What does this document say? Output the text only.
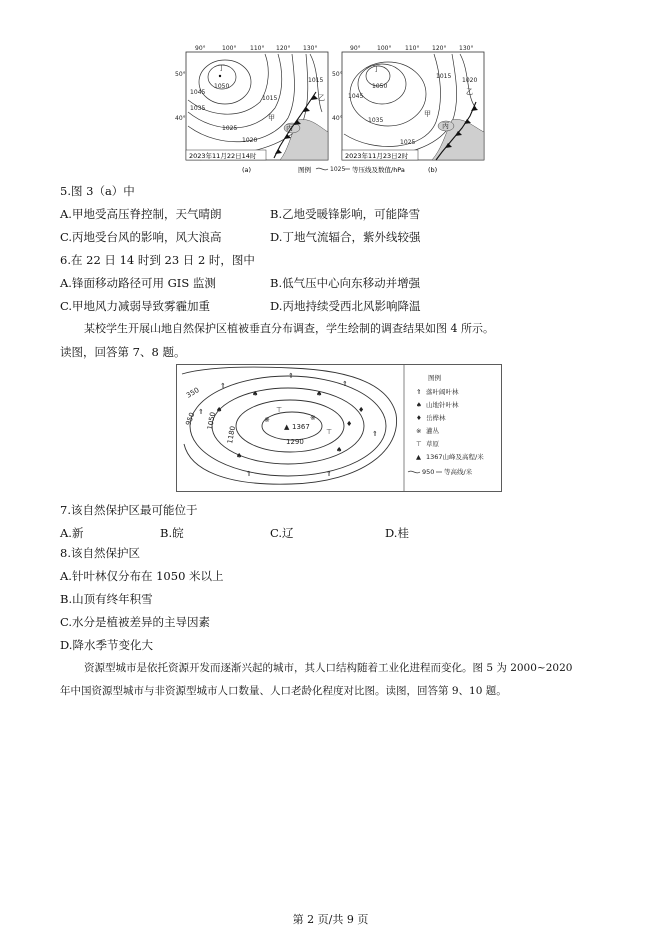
90°	100° 110° 120° 130°
50°
40°
1050
1045
1035
1025
1015
1020
1015
丁
甲
乙
丙
2023年11月22日14时
(a)
90°	100° 110° 120° 130°
50°
40°
1050
1045
1035
1025
1015
1020
丁
甲
乙
丙
2023年11月23日2时
(b)
图例	1025 等压线及数值/hPa
5.图 3（a）中
A.甲地受高压脊控制，天气晴朗	B.乙地受暖锋影响，可能降雪
C.丙地受台风的影响，风大浪高	D.丁地气流辐合，紫外线较强
6.在 22 日 14 时到 23 日 2 时，图中
A.锋面移动路径可用 GIS 监测	B.低气压中心向东移动并增强
C.甲地风力减弱导致雾霾加重	D.丙地持续受西北风影响降温
某校学生开展山地自然保护区植被垂直分布调查，学生绘制的调查结果如图 4 所示。
读图，回答第 7、8 题。
350
950 1050
1180	1290
▲ 1367
⇑
⇑
⇑
⇑
⇑
⇑	⇑
♠
♠	♠
♠
♠
♦
♦
※	※
⊤
⊤
图例
⇑ 落叶阔叶林
♠ 山地针叶林
♦ 岳桦林
※ 灌丛
⊤ 草原
▲ 1367山峰及高程/米
950 等高线/米
7.该自然保护区最可能位于
A.新	B.皖	C.辽	D.桂
8.该自然保护区
A.针叶林仅分布在 1050 米以上
B.山顶有终年积雪
C.水分是植被差异的主导因素
D.降水季节变化大
资源型城市是依托资源开发而逐渐兴起的城市，其人口结构随着工业化进程而变化。图 5 为 2000~2020
年中国资源型城市与非资源型城市人口数量、人口老龄化程度对比图。读图，回答第 9、10 题。
第 2 页/共 9 页
